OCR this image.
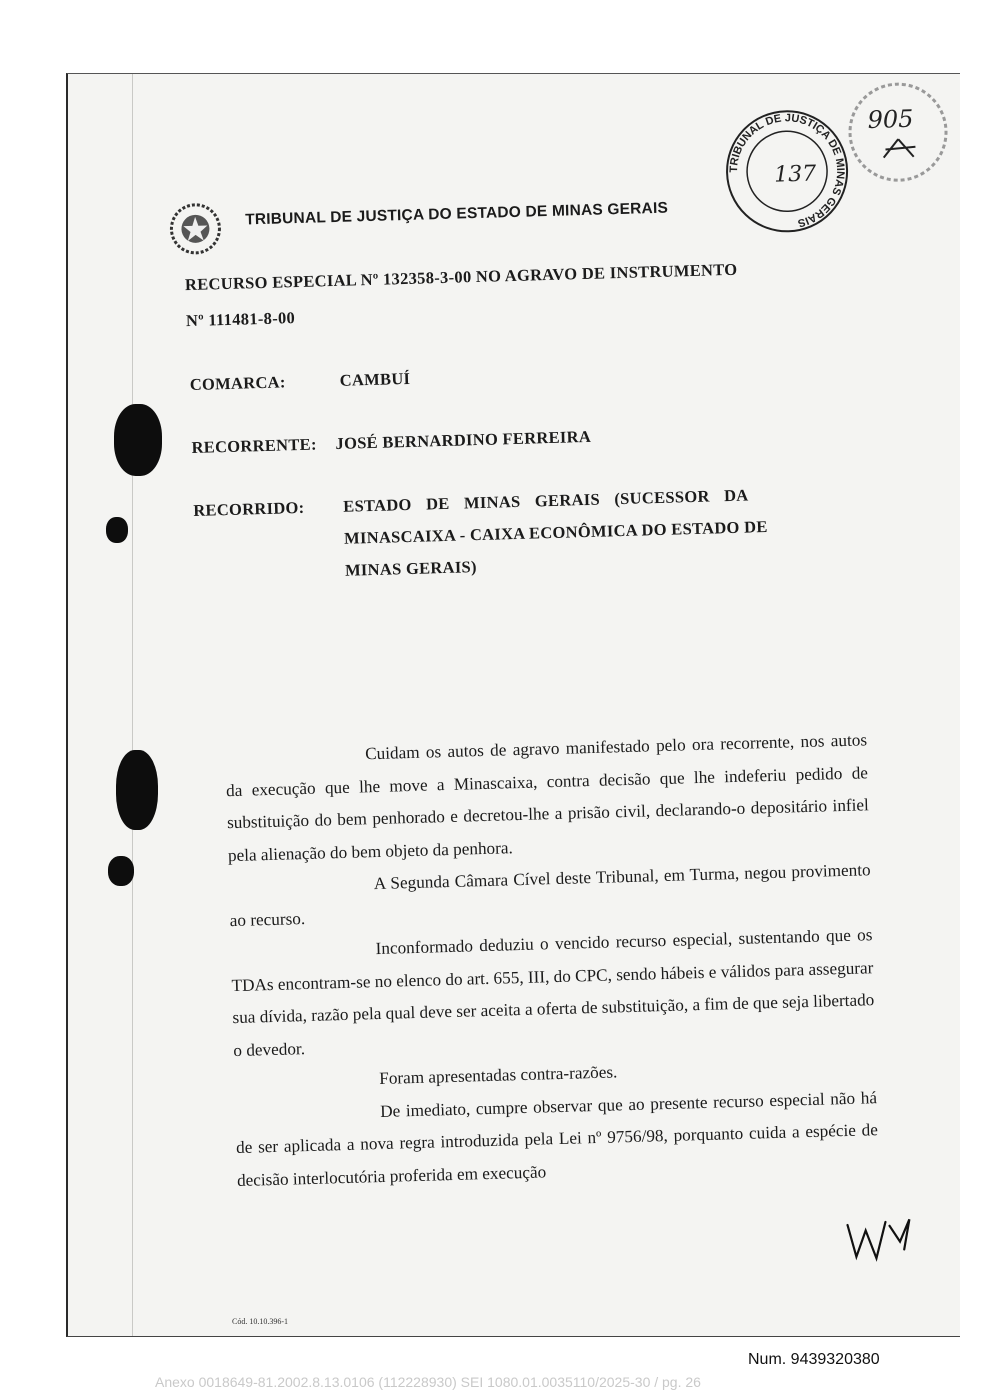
TRIBUNAL DE JUSTIÇA DO ESTADO DE MINAS GERAIS
TRIBUNAL DE JUSTIÇA DE MINAS GERAIS
137
905
RECURSO ESPECIAL Nº 132358-3-00 NO AGRAVO DE INSTRUMENTO
Nº 111481-8-00
COMARCA:	CAMBUÍ
RECORRENTE: JOSÉ BERNARDINO FERREIRA
RECORRIDO: ESTADO DE MINAS GERAIS (SUCESSOR DA
MINASCAIXA - CAIXA ECONÔMICA DO ESTADO DE
MINAS GERAIS)

Cuidam os autos de agravo manifestado pelo ora recorrente, nos autos da execução que lhe move a Minascaixa, contra decisão que lhe indeferiu pedido de substituição do bem penhorado e decretou-lhe a prisão civil, declarando-o depositário infiel pela alienação do bem objeto da penhora.

A Segunda Câmara Cível deste Tribunal, em Turma, negou provimento ao recurso.

Inconformado deduziu o vencido recurso especial, sustentando que os TDAs encontram-se no elenco do art. 655, III, do CPC, sendo hábeis e válidos para assegurar sua dívida, razão pela qual deve ser aceita a oferta de substituição, a fim de que seja libertado o devedor.

Foram apresentadas contra-razões.

De imediato, cumpre observar que ao presente recurso especial não há de ser aplicada a nova regra introduzida pela Lei nº 9756/98, porquanto cuida a espécie de decisão interlocutória proferida em execução

Cód. 10.10.396-1
Num. 9439320380
Anexo 0018649-81.2002.8.13.0106 (112228930) SEI 1080.01.0035110/2025-30 / pg. 26
